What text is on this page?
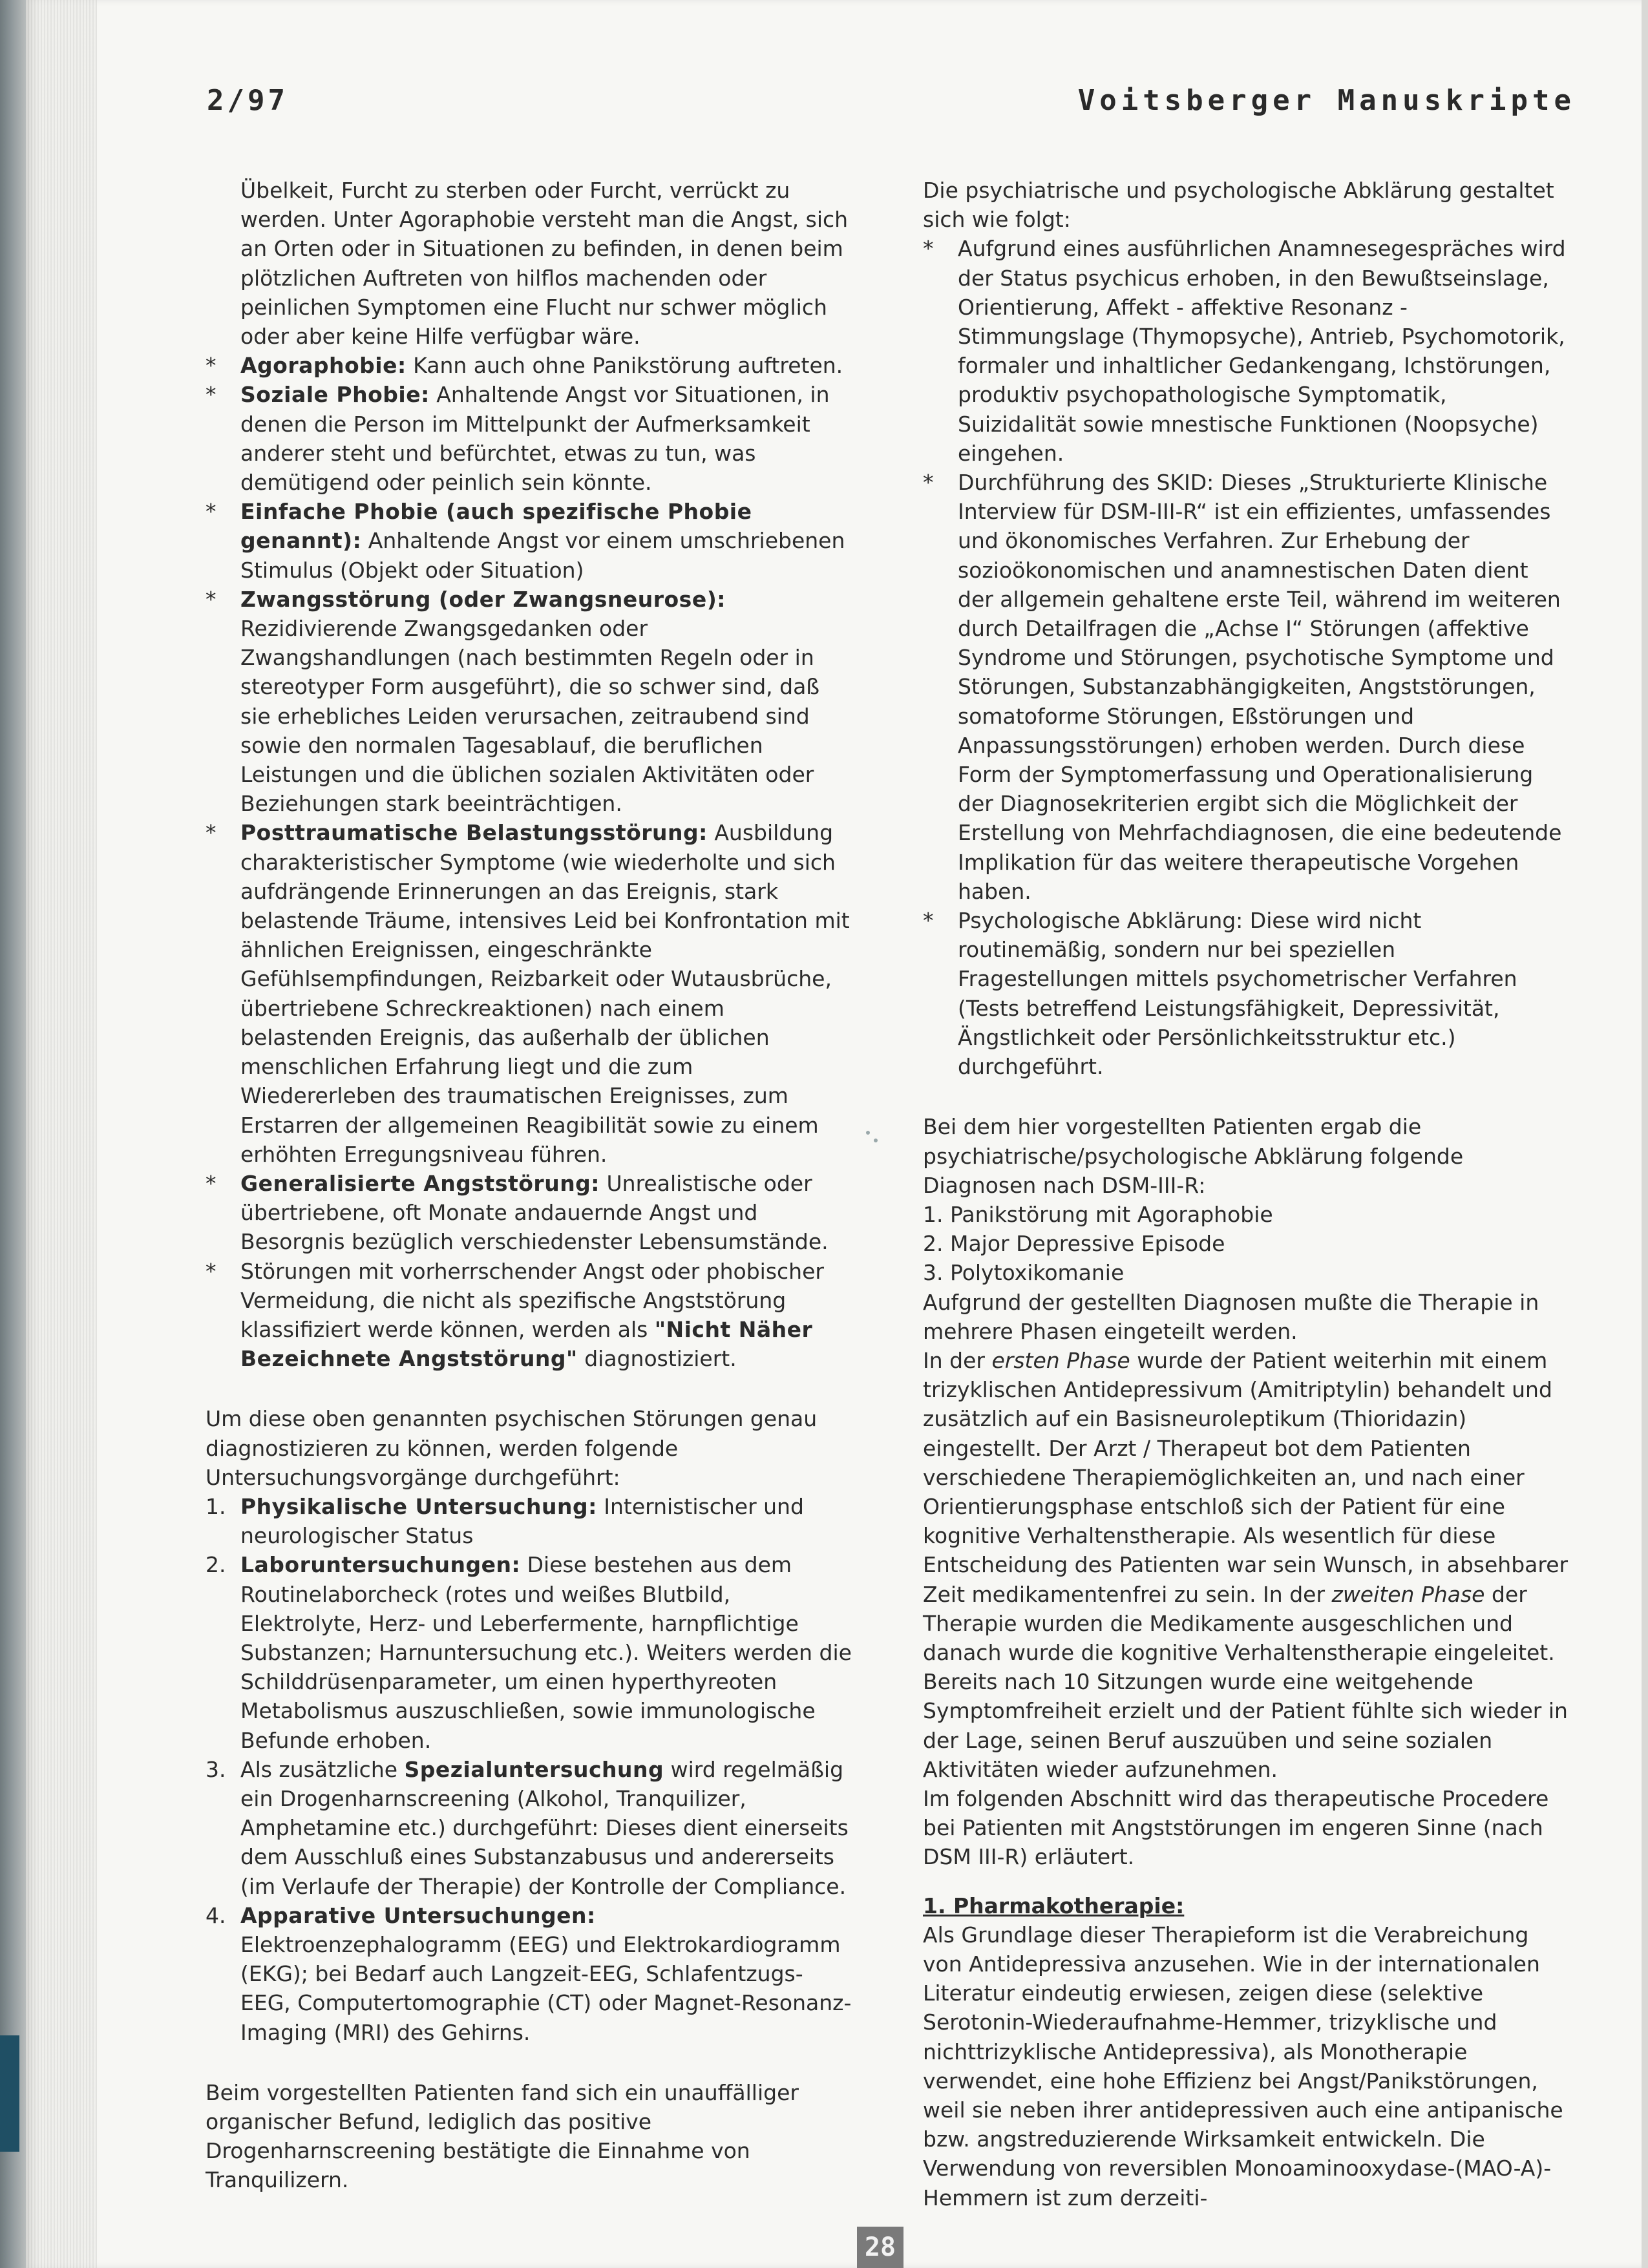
2/97	Voitsberger Manuskripte

Übelkeit, Furcht zu sterben oder Furcht, verrückt zu werden. Unter Agoraphobie versteht man die Angst, sich an Orten oder in Situationen zu befinden, in denen beim plötzlichen Auftreten von hilflos machenden oder peinlichen Symptomen eine Flucht nur schwer möglich oder aber keine Hilfe verfügbar wäre.

*	Agoraphobie: Kann auch ohne Panikstörung auftreten.
*	Soziale Phobie: Anhaltende Angst vor Situationen, in denen die Person im Mittelpunkt der Aufmerksamkeit anderer steht und befürchtet, etwas zu tun, was demütigend oder peinlich sein könnte.
*	Einfache Phobie (auch spezifische Phobie genannt): Anhaltende Angst vor einem umschriebenen Stimulus (Objekt oder Situation)
*	Zwangsstörung (oder Zwangsneurose): Rezidivierende Zwangsgedanken oder Zwangshandlungen (nach bestimmten Regeln oder in stereotyper Form ausgeführt), die so schwer sind, daß sie erhebliches Leiden verursachen, zeitraubend sind sowie den normalen Tagesablauf, die beruflichen Leistungen und die üblichen sozialen Aktivitäten oder Beziehungen stark beeinträchtigen.
*	Posttraumatische Belastungsstörung: Ausbildung charakteristischer Symptome (wie wiederholte und sich aufdrängende Erinnerungen an das Ereignis, stark belastende Träume, intensives Leid bei Konfrontation mit ähnlichen Ereignissen, eingeschränkte Gefühlsempfindungen, Reizbarkeit oder Wutausbrüche, übertriebene Schreckreaktionen) nach einem belastenden Ereignis, das außerhalb der üblichen menschlichen Erfahrung liegt und die zum Wiedererleben des traumatischen Ereignisses, zum Erstarren der allgemeinen Reagibilität sowie zu einem erhöhten Erregungsniveau führen.
*	Generalisierte Angststörung: Unrealistische oder übertriebene, oft Monate andauernde Angst und Besorgnis bezüglich verschiedenster Lebensumstände.
*	Störungen mit vorherrschender Angst oder phobischer Vermeidung, die nicht als spezifische Angststörung klassifiziert werde können, werden als "Nicht Näher Bezeichnete Angststörung" diagnostiziert.

Um diese oben genannten psychischen Störungen genau diagnostizieren zu können, werden folgende Untersuchungsvorgänge durchgeführt:

1. Physikalische Untersuchung: Internistischer und neurologischer Status
2. Laboruntersuchungen: Diese bestehen aus dem Routinelaborcheck (rotes und weißes Blutbild, Elektrolyte, Herz- und Leberfermente, harnpflichtige Substanzen; Harnuntersuchung etc.). Weiters werden die Schilddrüsenparameter, um einen hyperthyreoten Metabolismus auszuschließen, sowie immunologische Befunde erhoben.
3. Als zusätzliche Spezialuntersuchung wird regelmäßig ein Drogenharnscreening (Alkohol, Tranquilizer, Amphetamine etc.) durchgeführt: Dieses dient einerseits dem Ausschluß eines Substanzabusus und andererseits (im Verlaufe der Therapie) der Kontrolle der Compliance.
4. Apparative Untersuchungen: Elektroenzephalogramm (EEG) und Elektrokardiogramm (EKG); bei Bedarf auch Langzeit-EEG, Schlafentzugs-EEG, Computertomographie (CT) oder Magnet-Resonanz-Imaging (MRI) des Gehirns.

Beim vorgestellten Patienten fand sich ein unauffälliger organischer Befund, lediglich das positive Drogenharnscreening bestätigte die Einnahme von Tranquilizern.

Die psychiatrische und psychologische Abklärung gestaltet sich wie folgt:

*	Aufgrund eines ausführlichen Anamnesegespräches wird der Status psychicus erhoben, in den Bewußtseinslage, Orientierung, Affekt - affektive Resonanz - Stimmungslage (Thymopsyche), Antrieb, Psychomotorik, formaler und inhaltlicher Gedankengang, Ichstörungen, produktiv psychopathologische Symptomatik, Suizidalität sowie mnestische Funktionen (Noopsyche) eingehen.
*	Durchführung des SKID: Dieses „Strukturierte Klinische Interview für DSM-III-R“ ist ein effizientes, umfassendes und ökonomisches Verfahren. Zur Erhebung der sozioökonomischen und anamnestischen Daten dient der allgemein gehaltene erste Teil, während im weiteren durch Detailfragen die „Achse I“ Störungen (affektive Syndrome und Störungen, psychotische Symptome und Störungen, Substanzabhängigkeiten, Angststörungen, somatoforme Störungen, Eßstörungen und Anpassungsstörungen) erhoben werden. Durch diese Form der Symptomerfassung und Operationalisierung der Diagnosekriterien ergibt sich die Möglichkeit der Erstellung von Mehrfachdiagnosen, die eine bedeutende Implikation für das weitere therapeutische Vorgehen haben.
*	Psychologische Abklärung: Diese wird nicht routinemäßig, sondern nur bei speziellen Fragestellungen mittels psychometrischer Verfahren (Tests betreffend Leistungsfähigkeit, Depressivität, Ängstlichkeit oder Persönlichkeitsstruktur etc.) durchgeführt.

Bei dem hier vorgestellten Patienten ergab die psychiatrische/psychologische Abklärung folgende Diagnosen nach DSM-III-R:

1. Panikstörung mit Agoraphobie

2. Major Depressive Episode

3. Polytoxikomanie

Aufgrund der gestellten Diagnosen mußte die Therapie in mehrere Phasen eingeteilt werden.

In der ersten Phase wurde der Patient weiterhin mit einem trizyklischen Antidepressivum (Amitriptylin) behandelt und zusätzlich auf ein Basisneuroleptikum (Thioridazin) eingestellt. Der Arzt / Therapeut bot dem Patienten verschiedene Therapiemöglichkeiten an, und nach einer Orientierungsphase entschloß sich der Patient für eine kognitive Verhaltenstherapie. Als wesentlich für diese Entscheidung des Patienten war sein Wunsch, in absehbarer Zeit medikamentenfrei zu sein. In der zweiten Phase der Therapie wurden die Medikamente ausgeschlichen und danach wurde die kognitive Verhaltenstherapie eingeleitet. Bereits nach 10 Sitzungen wurde eine weitgehende Symptomfreiheit erzielt und der Patient fühlte sich wieder in der Lage, seinen Beruf auszuüben und seine sozialen Aktivitäten wieder aufzunehmen.

Im folgenden Abschnitt wird das therapeutische Procedere bei Patienten mit Angststörungen im engeren Sinne (nach DSM III-R) erläutert.

1. Pharmakotherapie:

Als Grundlage dieser Therapieform ist die Verabreichung von Antidepressiva anzusehen. Wie in der internationalen Literatur eindeutig erwiesen, zeigen diese (selektive Serotonin-Wiederaufnahme-Hemmer, trizyklische und nichttrizyklische Antidepressiva), als Monotherapie verwendet, eine hohe Effizienz bei Angst/Panikstörungen, weil sie neben ihrer antidepressiven auch eine antipanische bzw. angstreduzierende Wirksamkeit entwickeln. Die Verwendung von reversiblen Monoaminooxydase-(MAO-A)-Hemmern ist zum derzeiti-

28
